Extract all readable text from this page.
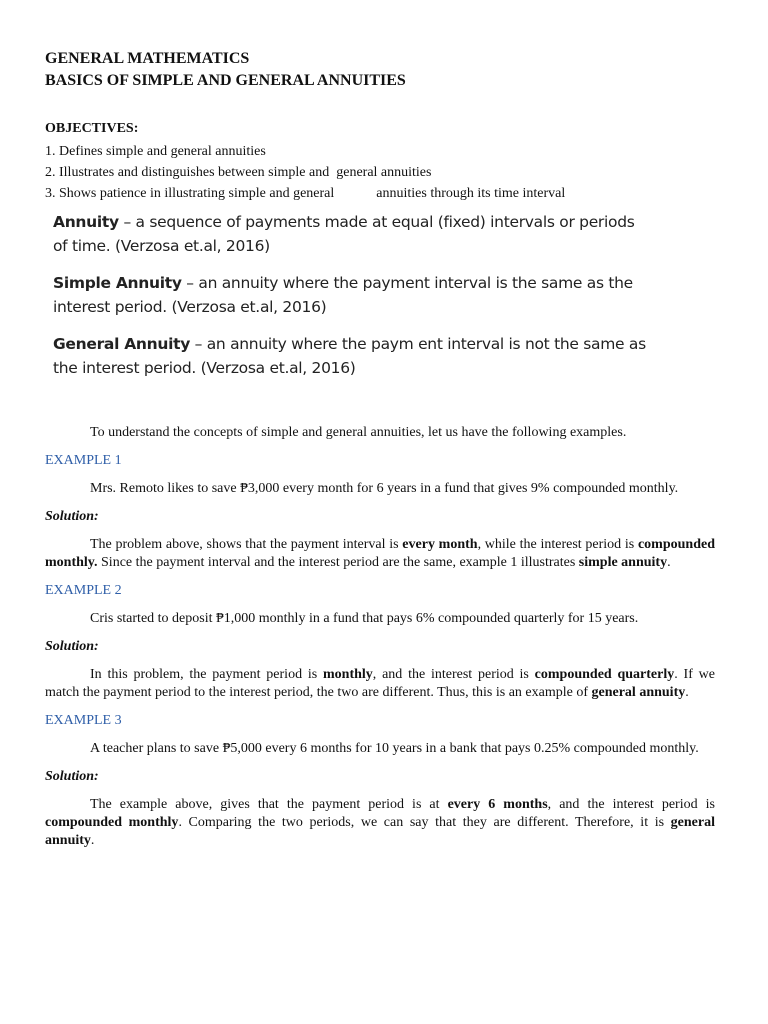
GENERAL MATHEMATICS
BASICS OF SIMPLE AND GENERAL ANNUITIES
OBJECTIVES:
1. Defines simple and general annuities
2. Illustrates and distinguishes between simple and  general annuities
3. Shows patience in illustrating simple and general            annuities through its time interval
Annuity – a sequence of payments made at equal (fixed) intervals or periods of time. (Verzosa et.al, 2016)
Simple Annuity – an annuity where the payment interval is the same as the interest period. (Verzosa et.al, 2016)
General Annuity – an annuity where the paym ent interval is not the same as the interest period. (Verzosa et.al, 2016)
To understand the concepts of simple and general annuities, let us have the following examples.
EXAMPLE 1
Mrs. Remoto likes to save ₱3,000 every month for 6 years in a fund that gives 9% compounded monthly.
Solution:
The problem above, shows that the payment interval is every month, while the interest period is compounded monthly. Since the payment interval and the interest period are the same, example 1 illustrates simple annuity.
EXAMPLE 2
Cris started to deposit ₱1,000 monthly in a fund that pays 6% compounded quarterly for 15 years.
Solution:
In this problem, the payment period is monthly, and the interest period is compounded quarterly. If we match the payment period to the interest period, the two are different. Thus, this is an example of general annuity.
EXAMPLE 3
A teacher plans to save ₱5,000 every 6 months for 10 years in a bank that pays 0.25% compounded monthly.
Solution:
The example above, gives that the payment period is at every 6 months, and the interest period is compounded monthly. Comparing the two periods, we can say that they are different. Therefore, it is general annuity.
